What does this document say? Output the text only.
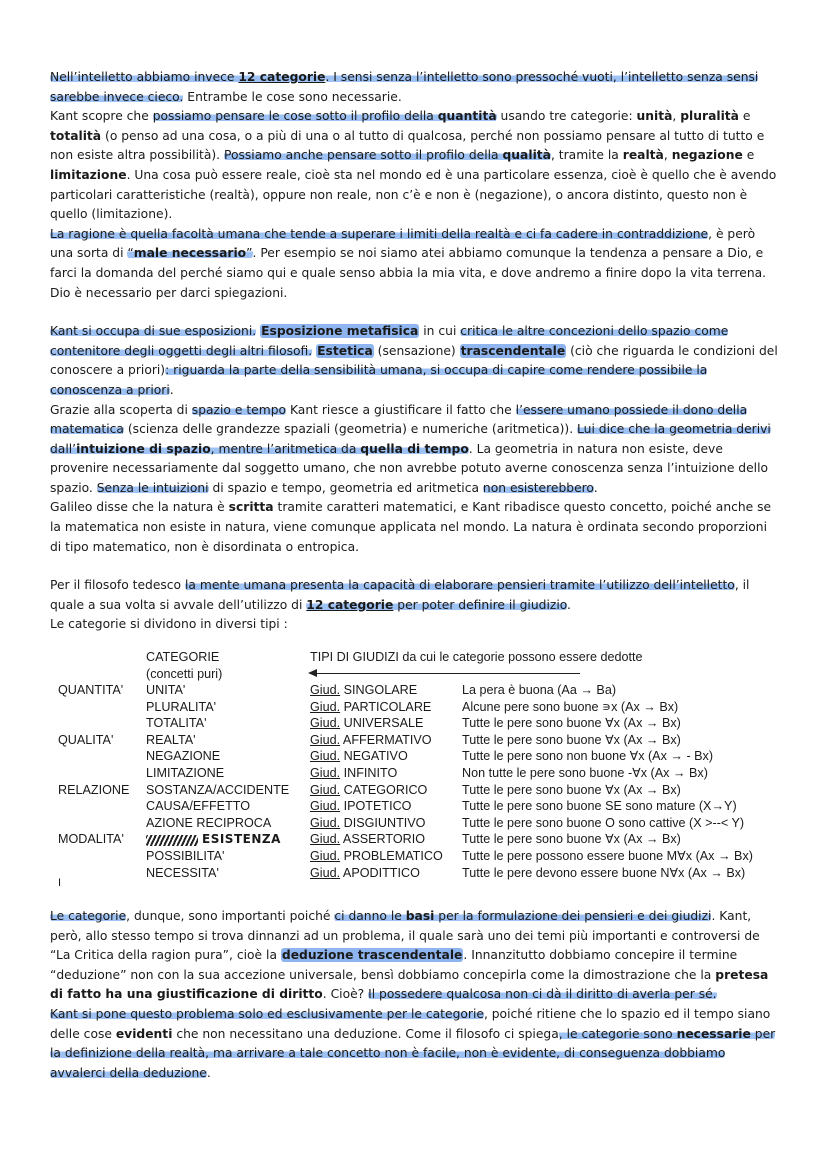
Nell’intelletto abbiamo invece 12 categorie. I sensi senza l’intelletto sono pressoché vuoti, l’intelletto senza sensi sarebbe invece cieco. Entrambe le cose sono necessarie.

Kant scopre che possiamo pensare le cose sotto il profilo della quantità usando tre categorie: unità, pluralità e totalità (o penso ad una cosa, o a più di una o al tutto di qualcosa, perché non possiamo pensare al tutto di tutto e non esiste altra possibilità). Possiamo anche pensare sotto il profilo della qualità, tramite la realtà, negazione e limitazione. Una cosa può essere reale, cioè sta nel mondo ed è una particolare essenza, cioè è quello che è avendo particolari caratteristiche (realtà), oppure non reale, non c’è e non è (negazione), o ancora distinto, questo non è quello (limitazione).

La ragione è quella facoltà umana che tende a superare i limiti della realtà e ci fa cadere in contraddizione, è però una sorta di “male necessario”. Per esempio se noi siamo atei abbiamo comunque la tendenza a pensare a Dio, e farci la domanda del perché siamo qui e quale senso abbia la mia vita, e dove andremo a finire dopo la vita terrena. Dio è necessario per darci spiegazioni.

Kant si occupa di sue esposizioni. Esposizione metafisica in cui critica le altre concezioni dello spazio come contenitore degli oggetti degli altri filosofi. Estetica (sensazione) trascendentale (ciò che riguarda le condizioni del conoscere a priori): riguarda la parte della sensibilità umana, si occupa di capire come rendere possibile la conoscenza a priori.

Grazie alla scoperta di spazio e tempo Kant riesce a giustificare il fatto che l’essere umano possiede il dono della matematica (scienza delle grandezze spaziali (geometria) e numeriche (aritmetica)). Lui dice che la geometria derivi dall’intuizione di spazio, mentre l’aritmetica da quella di tempo. La geometria in natura non esiste, deve provenire necessariamente dal soggetto umano, che non avrebbe potuto averne conoscenza senza l’intuizione dello spazio. Senza le intuizioni di spazio e tempo, geometria ed aritmetica non esisterebbero.

Galileo disse che la natura è scritta tramite caratteri matematici, e Kant ribadisce questo concetto, poiché anche se la matematica non esiste in natura, viene comunque applicata nel mondo. La natura è ordinata secondo proporzioni di tipo matematico, non è disordinata o entropica.

Per il filosofo tedesco la mente umana presenta la capacità di elaborare pensieri tramite l’utilizzo dell’intelletto, il quale a sua volta si avvale dell’utilizzo di 12 categorie per poter definire il giudizio.

Le categorie si dividono in diversi tipi :

CATEGORIE
(concetti puri)
TIPI DI GIUDIZI da cui le categorie possono essere dedotte
QUANTITA'
QUALITA'
RELAZIONE
MODALITA'
UNITA'
PLURALITA'
TOTALITA'
REALTA'
NEGAZIONE
LIMITAZIONE
SOSTANZA/ACCIDENTE
CAUSA/EFFETTO
AZIONE RECIPROCA
ESISTENZA
POSSIBILITA'
NECESSITA'
Giud. SINGOLARE
Giud. PARTICOLARE
Giud. UNIVERSALE
Giud. AFFERMATIVO
Giud. NEGATIVO
Giud. INFINITO
Giud. CATEGORICO
Giud. IPOTETICO
Giud. DISGIUNTIVO
Giud. ASSERTORIO
Giud. PROBLEMATICO
Giud. APODITTICO
La pera è buona (Aa → Ba)
Alcune pere sono buone ∍x (Ax → Bx)
Tutte le pere sono buone ∀x (Ax → Bx)
Tutte le pere sono buone ∀x (Ax → Bx)
Tutte le pere sono non buone ∀x (Ax → - Bx)
Non tutte le pere sono buone -∀x (Ax → Bx)
Tutte le pere sono buone ∀x (Ax → Bx)
Tutte le pere sono buone SE sono mature (X→Y)
Tutte le pere sono buone O sono cattive (X >--< Y)
Tutte le pere sono buone ∀x (Ax → Bx)
Tutte le pere possono essere buone M∀x (Ax → Bx)
Tutte le pere devono essere buone N∀x (Ax → Bx)
I

Le categorie, dunque, sono importanti poiché ci danno le basi per la formulazione dei pensieri e dei giudizi. Kant, però, allo stesso tempo si trova dinnanzi ad un problema, il quale sarà uno dei temi più importanti e controversi de “La Critica della ragion pura”, cioè la deduzione trascendentale. Innanzitutto dobbiamo concepire il termine “deduzione” non con la sua accezione universale, bensì dobbiamo concepirla come la dimostrazione che la pretesa di fatto ha una giustificazione di diritto. Cioè? Il possedere qualcosa non ci dà il diritto di averla per sé.

Kant si pone questo problema solo ed esclusivamente per le categorie, poiché ritiene che lo spazio ed il tempo siano delle cose evidenti che non necessitano una deduzione. Come il filosofo ci spiega, le categorie sono necessarie per la definizione della realtà, ma arrivare a tale concetto non è facile, non è evidente, di conseguenza dobbiamo avvalerci della deduzione.
